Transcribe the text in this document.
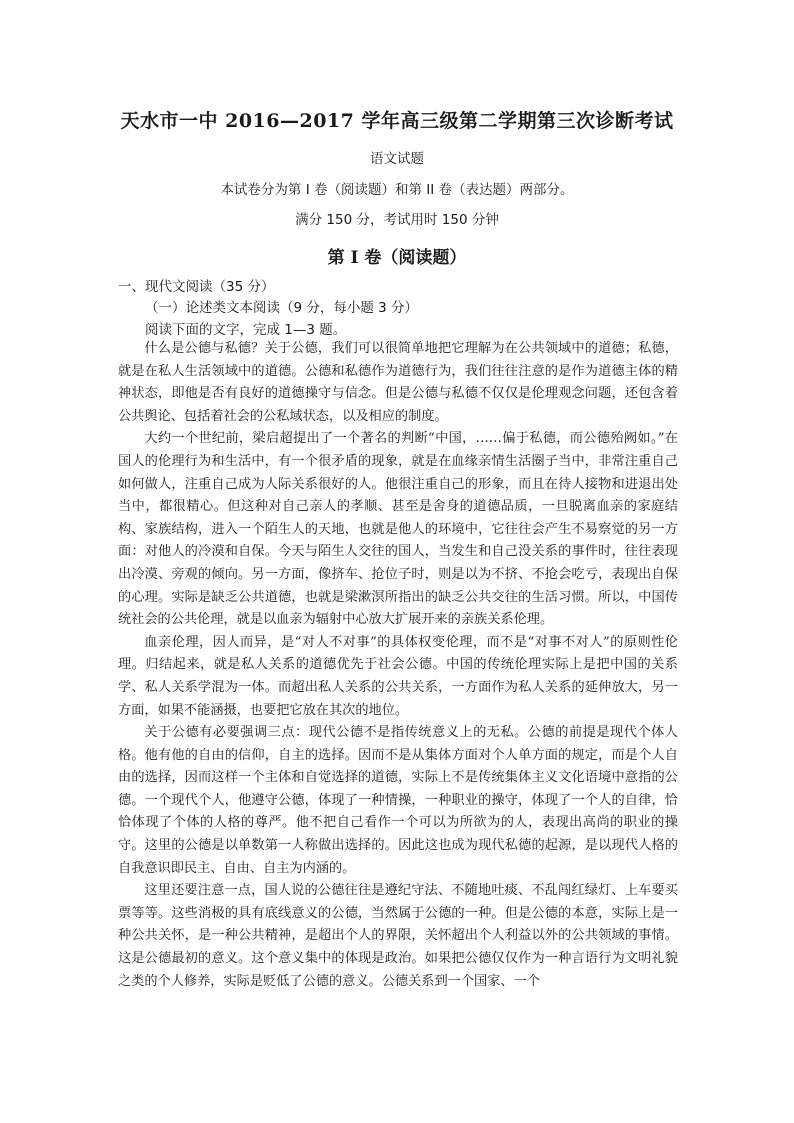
天水市一中 2016—2017 学年高三级第二学期第三次诊断考试
语文试题
本试卷分为第 I 卷（阅读题）和第 II 卷（表达题）两部分。
满分 150 分，考试用时 150 分钟
第 I 卷（阅读题）
一、现代文阅读（35 分）
（一）论述类文本阅读（9 分，每小题 3 分）
阅读下面的文字，完成 1—3 题。

什么是公德与私德？关于公德，我们可以很简单地把它理解为在公共领域中的道德；私德，就是在私人生活领域中的道德。公德和私德作为道德行为，我们往往注意的是作为道德主体的精神状态，即他是否有良好的道德操守与信念。但是公德与私德不仅仅是伦理观念问题，还包含着公共舆论、包括着社会的公私域状态，以及相应的制度。

大约一个世纪前，梁启超提出了一个著名的判断“中国，……偏于私德，而公德殆阙如。”在国人的伦理行为和生活中，有一个很矛盾的现象，就是在血缘亲情生活圈子当中，非常注重自己如何做人，注重自己成为人际关系很好的人。他很注重自己的形象，而且在待人接物和进退出处当中，都很精心。但这种对自己亲人的孝顺、甚至是舍身的道德品质，一旦脱离血亲的家庭结构、家族结构，进入一个陌生人的天地，也就是他人的环境中，它往往会产生不易察觉的另一方面：对他人的冷漠和自保。今天与陌生人交往的国人，当发生和自己没关系的事件时，往往表现出冷漠、旁观的倾向。另一方面，像挤车、抢位子时，则是以为不挤、不抢会吃亏，表现出自保的心理。实际是缺乏公共道德，也就是梁漱溟所指出的缺乏公共交往的生活习惯。所以，中国传统社会的公共伦理，就是以血亲为辐射中心放大扩展开来的亲族关系伦理。

血亲伦理，因人而异，是“对人不对事”的具体权变伦理，而不是“对事不对人”的原则性伦理。归结起来，就是私人关系的道德优先于社会公德。中国的传统伦理实际上是把中国的关系学、私人关系学混为一体。而超出私人关系的公共关系，一方面作为私人关系的延伸放大，另一方面，如果不能涵摄，也要把它放在其次的地位。

关于公德有必要强调三点：现代公德不是指传统意义上的无私。公德的前提是现代个体人格。他有他的自由的信仰，自主的选择。因而不是从集体方面对个人单方面的规定，而是个人自由的选择，因而这样一个主体和自觉选择的道德，实际上不是传统集体主义文化语境中意指的公德。一个现代个人，他遵守公德，体现了一种情操，一种职业的操守，体现了一个人的自律，恰恰体现了个体的人格的尊严。他不把自己看作一个可以为所欲为的人，表现出高尚的职业的操守。这里的公德是以单数第一人称做出选择的。因此这也成为现代私德的起源，是以现代人格的自我意识即民主、自由、自主为内涵的。

这里还要注意一点，国人说的公德往往是遵纪守法、不随地吐痰、不乱闯红绿灯、上车要买票等等。这些消极的具有底线意义的公德，当然属于公德的一种。但是公德的本意，实际上是一种公共关怀，是一种公共精神，是超出个人的界限，关怀超出个人利益以外的公共领域的事情。这是公德最初的意义。这个意义集中的体现是政治。如果把公德仅仅作为一种言语行为文明礼貌之类的个人修养，实际是贬低了公德的意义。公德关系到一个国家、一个
